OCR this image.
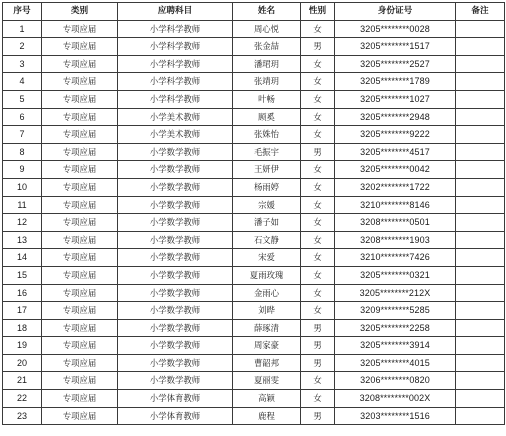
序号	类别	应聘科目	姓名	性别	身份证号	备注
1	专项应届	小学科学教师	周心悦	女	3205********0028	
2	专项应届	小学科学教师	张金喆	男	3205********1517	
3	专项应届	小学科学教师	潘珺玥	女	3205********2527	
4	专项应届	小学科学教师	张靖玥	女	3205********1789	
5	专项应届	小学科学教师	叶畅	女	3205********1027	
6	专项应届	小学美术教师	顾奚	女	3205********2948	
7	专项应届	小学美术教师	张姝怡	女	3205********9222	
8	专项应届	小学数学教师	毛振宇	男	3205********4517	
9	专项应届	小学数学教师	王妍伊	女	3205********0042	
10	专项应届	小学数学教师	杨雨婷	女	3202********1722	
11	专项应届	小学数学教师	宗媛	女	3210********8146	
12	专项应届	小学数学教师	潘子如	女	3208********0501	
13	专项应届	小学数学教师	石文静	女	3208********1903	
14	专项应届	小学数学教师	宋爱	女	3210********7426	
15	专项应届	小学数学教师	夏雨玫瑰	女	3205********0321	
16	专项应届	小学数学教师	金雨心	女	3205********212X	
17	专项应届	小学数学教师	刘晔	女	3209********5285	
18	专项应届	小学数学教师	薛琢清	男	3205********2258	
19	专项应届	小学数学教师	周家豪	男	3205********3914	
20	专项应届	小学数学教师	曹韶邦	男	3205********4015	
21	专项应届	小学数学教师	夏丽雯	女	3206********0820	
22	专项应届	小学体育教师	高颖	女	3208********002X	
23	专项应届	小学体育教师	鹿程	男	3203********1516	
